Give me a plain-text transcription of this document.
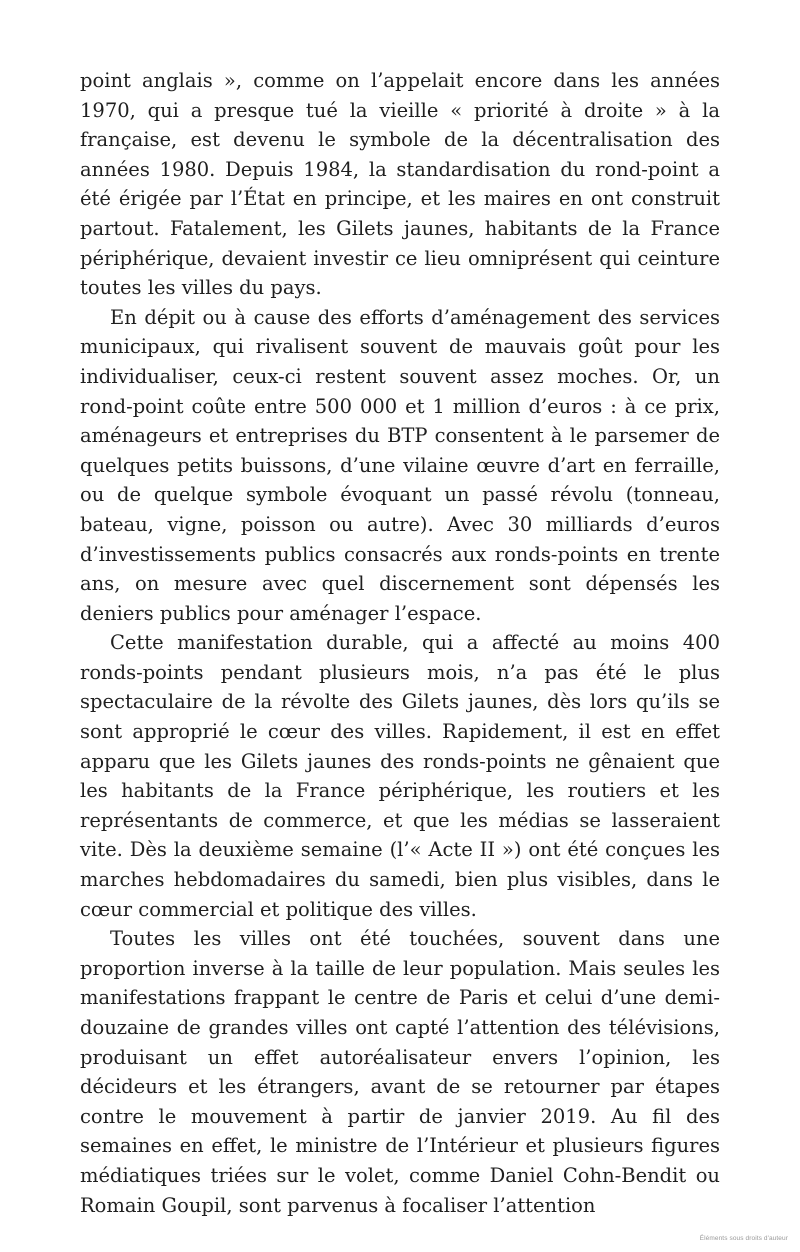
point anglais », comme on l’appelait encore dans les années 1970, qui a presque tué la vieille « priorité à droite » à la française, est devenu le symbole de la décentralisation des années 1980. Depuis 1984, la standardisation du rond-point a été érigée par l’État en principe, et les maires en ont construit partout. Fatalement, les Gilets jaunes, habitants de la France périphérique, devaient investir ce lieu omniprésent qui ceinture toutes les villes du pays.

En dépit ou à cause des efforts d’aménagement des services municipaux, qui rivalisent souvent de mauvais goût pour les individualiser, ceux-ci restent souvent assez moches. Or, un rond-point coûte entre 500 000 et 1 million d’euros : à ce prix, aménageurs et entreprises du BTP consentent à le parsemer de quelques petits buissons, d’une vilaine œuvre d’art en ferraille, ou de quelque symbole évoquant un passé révolu (tonneau, bateau, vigne, poisson ou autre). Avec 30 milliards d’euros d’investissements publics consacrés aux ronds-points en trente ans, on mesure avec quel discernement sont dépensés les deniers publics pour aménager l’espace.

Cette manifestation durable, qui a affecté au moins 400 ronds-points pendant plusieurs mois, n’a pas été le plus spectaculaire de la révolte des Gilets jaunes, dès lors qu’ils se sont approprié le cœur des villes. Rapidement, il est en effet apparu que les Gilets jaunes des ronds-points ne gênaient que les habitants de la France périphérique, les routiers et les représentants de commerce, et que les médias se lasseraient vite. Dès la deuxième semaine (l’« Acte II ») ont été conçues les marches hebdomadaires du samedi, bien plus visibles, dans le cœur commercial et politique des villes.

Toutes les villes ont été touchées, souvent dans une proportion inverse à la taille de leur population. Mais seules les manifestations frappant le centre de Paris et celui d’une demi-douzaine de grandes villes ont capté l’attention des télévisions, produisant un effet autoréalisateur envers l’opinion, les décideurs et les étrangers, avant de se retourner par étapes contre le mouvement à partir de janvier 2019. Au fil des semaines en effet, le ministre de l’Intérieur et plusieurs figures médiatiques triées sur le volet, comme Daniel Cohn-Bendit ou Romain Goupil, sont parvenus à focaliser l’attention

Éléments sous droits d'auteur
